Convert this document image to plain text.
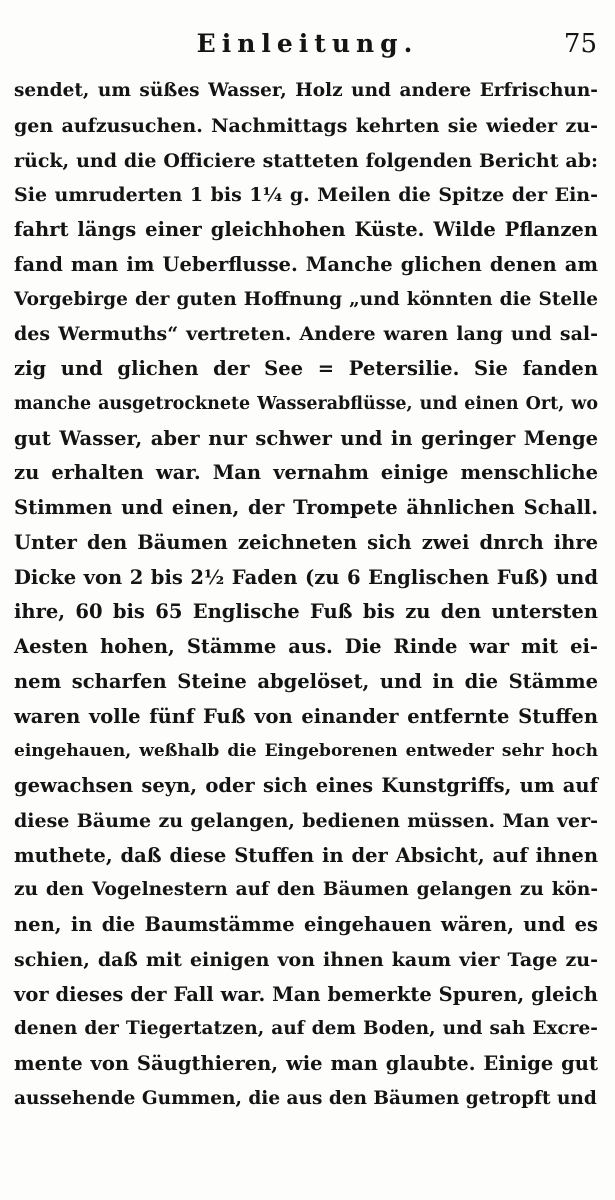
Einleitung.	75
sendet, um süßes Wasser, Holz und andere Erfrischun-
gen aufzusuchen. Nachmittags kehrten sie wieder zu-
rück, und die Officiere statteten folgenden Bericht ab:
Sie umruderten 1 bis 1¼ g. Meilen die Spitze der Ein-
fahrt längs einer gleichhohen Küste. Wilde Pflanzen
fand man im Ueberflusse. Manche glichen denen am
Vorgebirge der guten Hoffnung „und könnten die Stelle
des Wermuths“ vertreten. Andere waren lang und sal-
zig und glichen der See = Petersilie. Sie fanden
manche ausgetrocknete Wasserabflüsse, und einen Ort, wo
gut Wasser, aber nur schwer und in geringer Menge
zu erhalten war. Man vernahm einige menschliche
Stimmen und einen, der Trompete ähnlichen Schall.
Unter den Bäumen zeichneten sich zwei dnrch ihre
Dicke von 2 bis 2½ Faden (zu 6 Englischen Fuß) und
ihre, 60 bis 65 Englische Fuß bis zu den untersten
Aesten hohen, Stämme aus. Die Rinde war mit ei-
nem scharfen Steine abgelöset, und in die Stämme
waren volle fünf Fuß von einander entfernte Stuffen
eingehauen, weßhalb die Eingeborenen entweder sehr hoch
gewachsen seyn, oder sich eines Kunstgriffs, um auf
diese Bäume zu gelangen, bedienen müssen. Man ver-
muthete, daß diese Stuffen in der Absicht, auf ihnen
zu den Vogelnestern auf den Bäumen gelangen zu kön-
nen, in die Baumstämme eingehauen wären, und es
schien, daß mit einigen von ihnen kaum vier Tage zu-
vor dieses der Fall war. Man bemerkte Spuren, gleich
denen der Tiegertatzen, auf dem Boden, und sah Excre-
mente von Säugthieren, wie man glaubte. Einige gut
aussehende Gummen, die aus den Bäumen getropft und
